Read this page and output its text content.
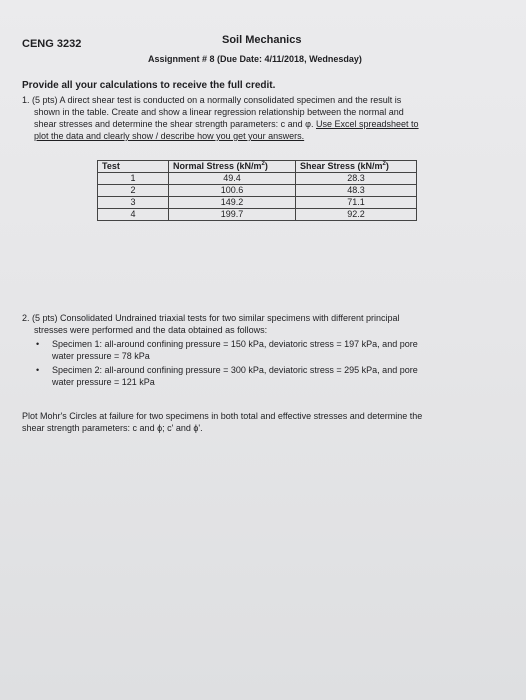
CENG 3232	Soil Mechanics
Assignment # 8 (Due Date: 4/11/2018, Wednesday)
Provide all your calculations to receive the full credit.
1. (5 pts) A direct shear test is conducted on a normally consolidated specimen and the result is
shown in the table. Create and show a linear regression relationship between the normal and
shear stresses and determine the shear strength parameters: c and φ. Use Excel spreadsheet to
plot the data and clearly show / describe how you get your answers.
Test	Normal Stress $(kN/m^2)$	Shear Stress $(kN/m^2)$
1	49.4	28.3
2	100.6	48.3
3	149.2	71.1
4	199.7	92.2
2. (5 pts) Consolidated Undrained triaxial tests for two similar specimens with different principal
stresses were performed and the data obtained as follows:
• Specimen 1: all-around confining pressure = 150 kPa, deviatoric stress = 197 kPa, and pore
water pressure = 78 kPa
• Specimen 2: all-around confining pressure = 300 kPa, deviatoric stress = 295 kPa, and pore
water pressure = 121 kPa
Plot Mohr's Circles at failure for two specimens in both total and effective stresses and determine the
shear strength parameters: c and ϕ; c' and ϕ'.
